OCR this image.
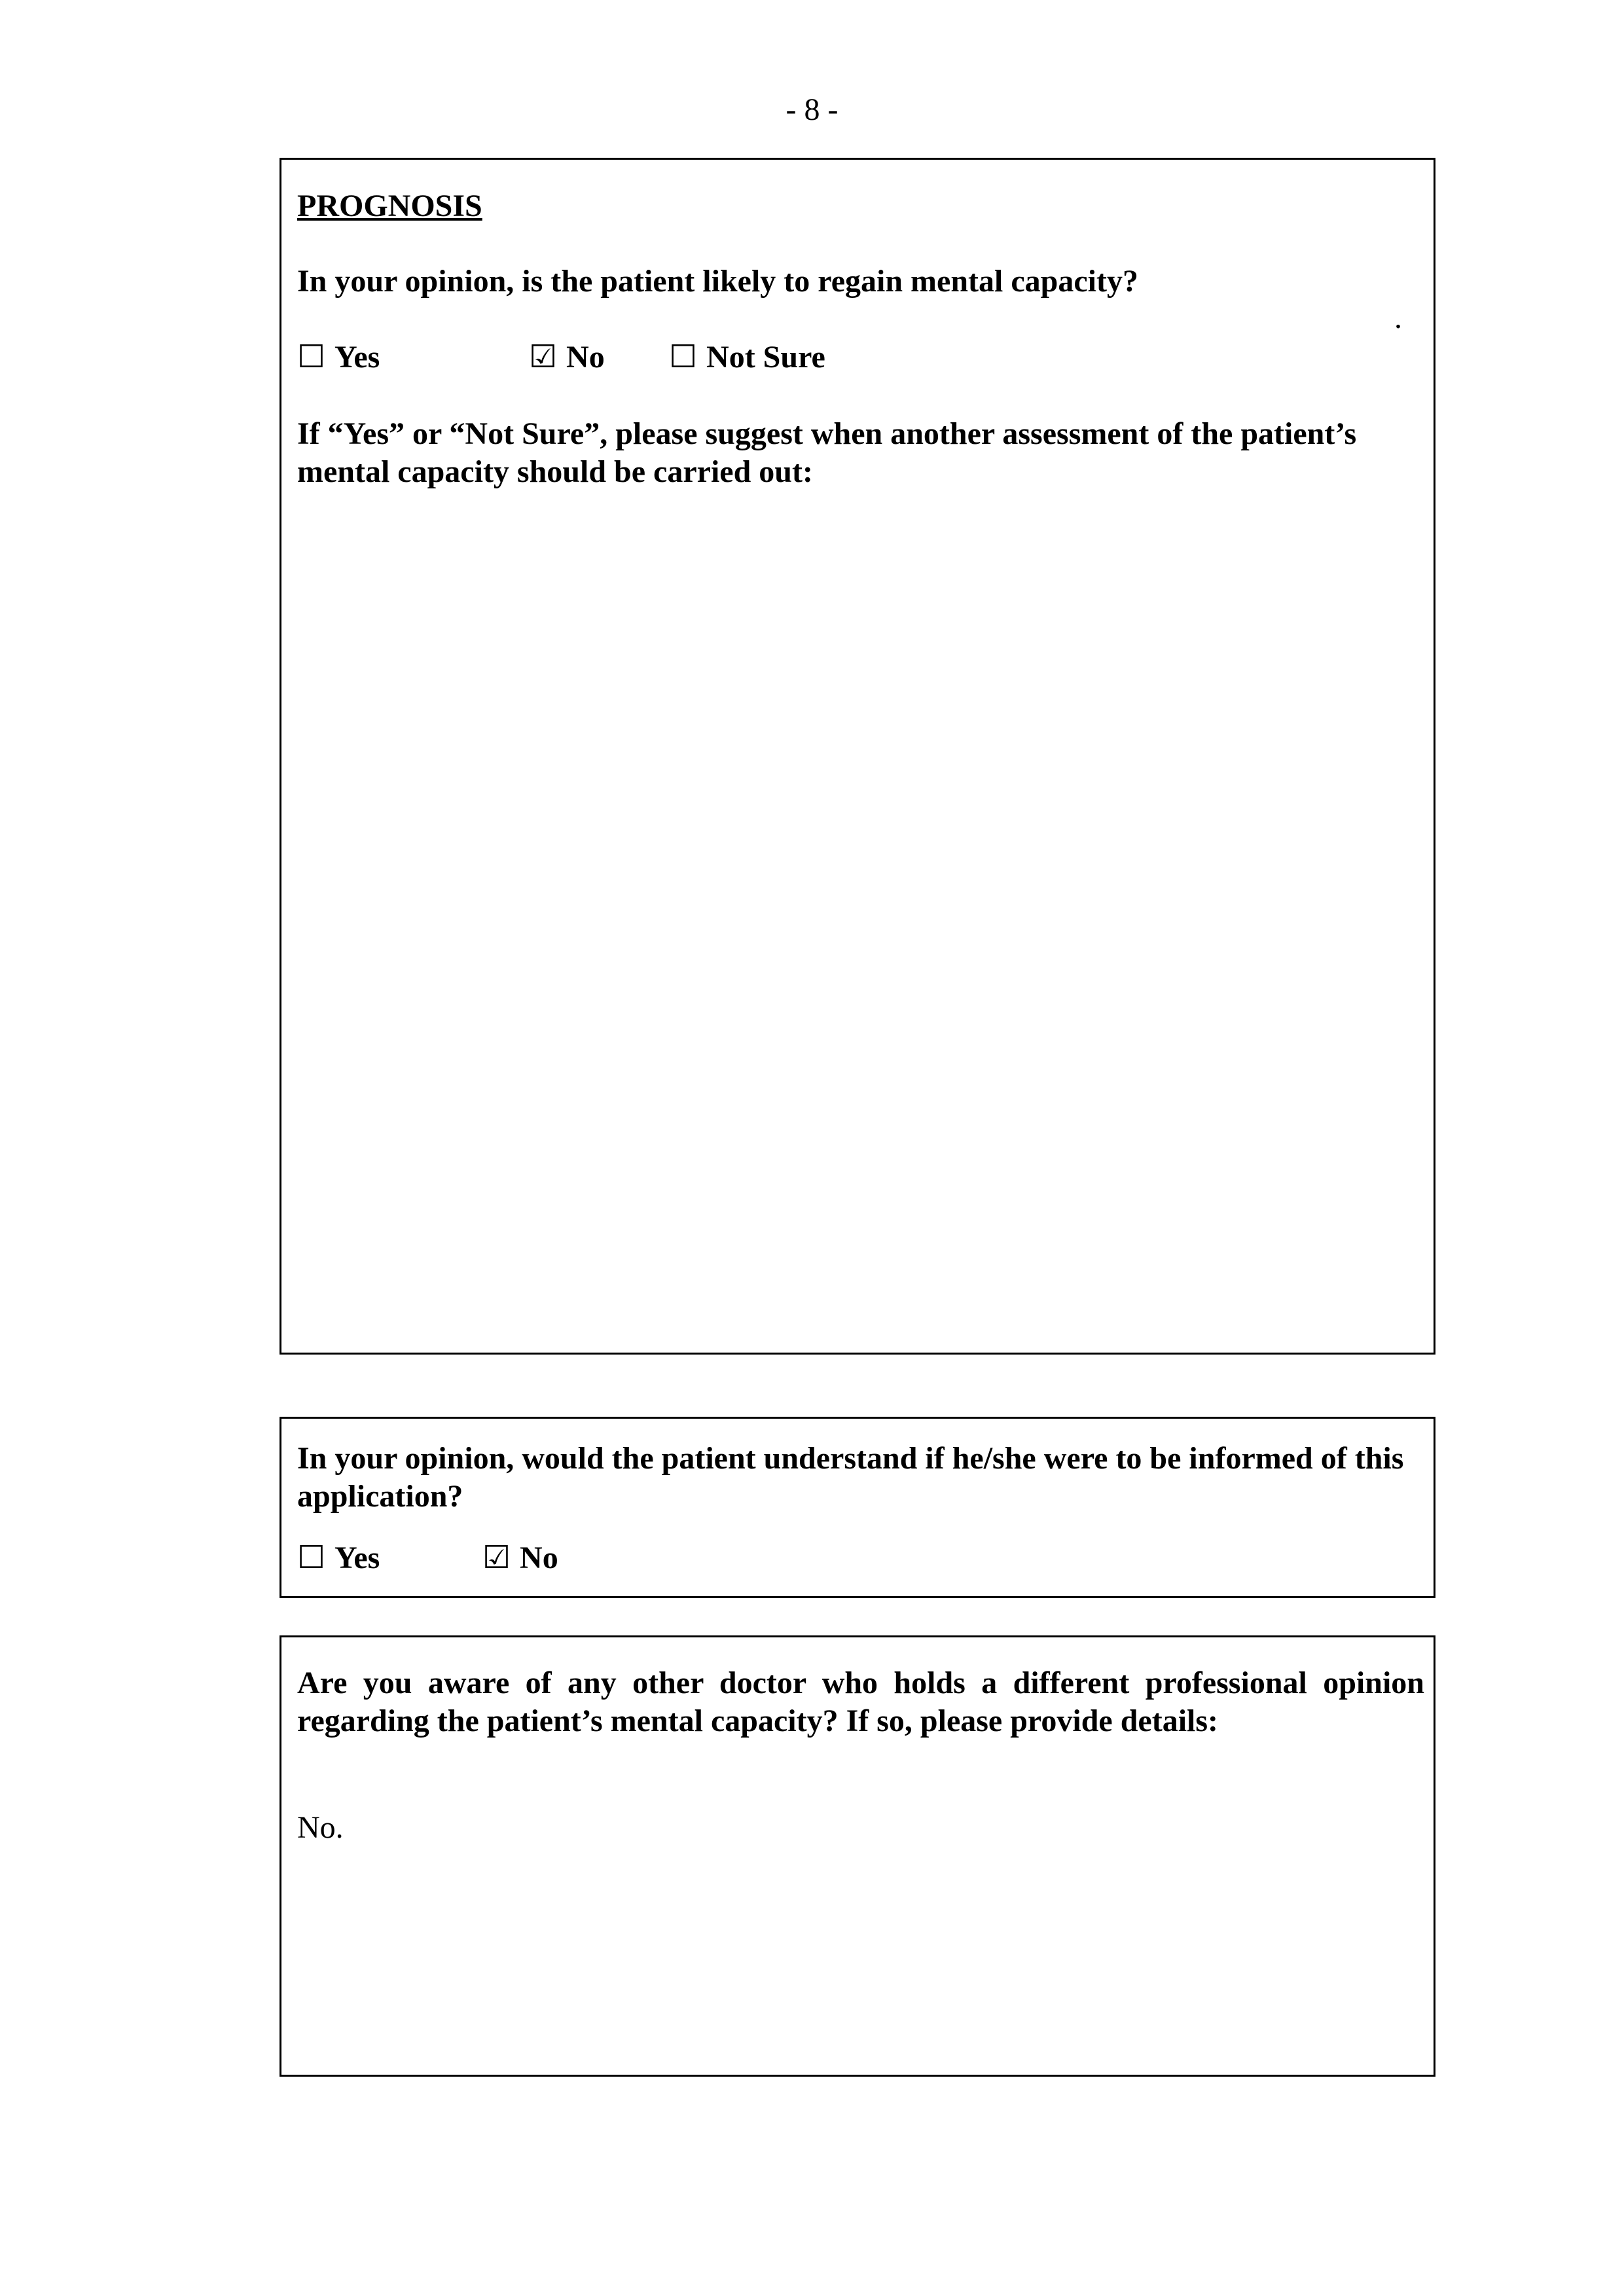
- 8 -
PROGNOSIS
In your opinion, is the patient likely to regain mental capacity?
.
☐ Yes	☑ No ☐ Not Sure
If “Yes” or “Not Sure”, please suggest when another assessment of the patient’s mental capacity should be carried out:
In your opinion, would the patient understand if he/she were to be informed of this application?
☐ Yes	☑ No
Are you aware of any other doctor who holds a different professional opinion regarding the patient’s mental capacity? If so, please provide details:
No.
